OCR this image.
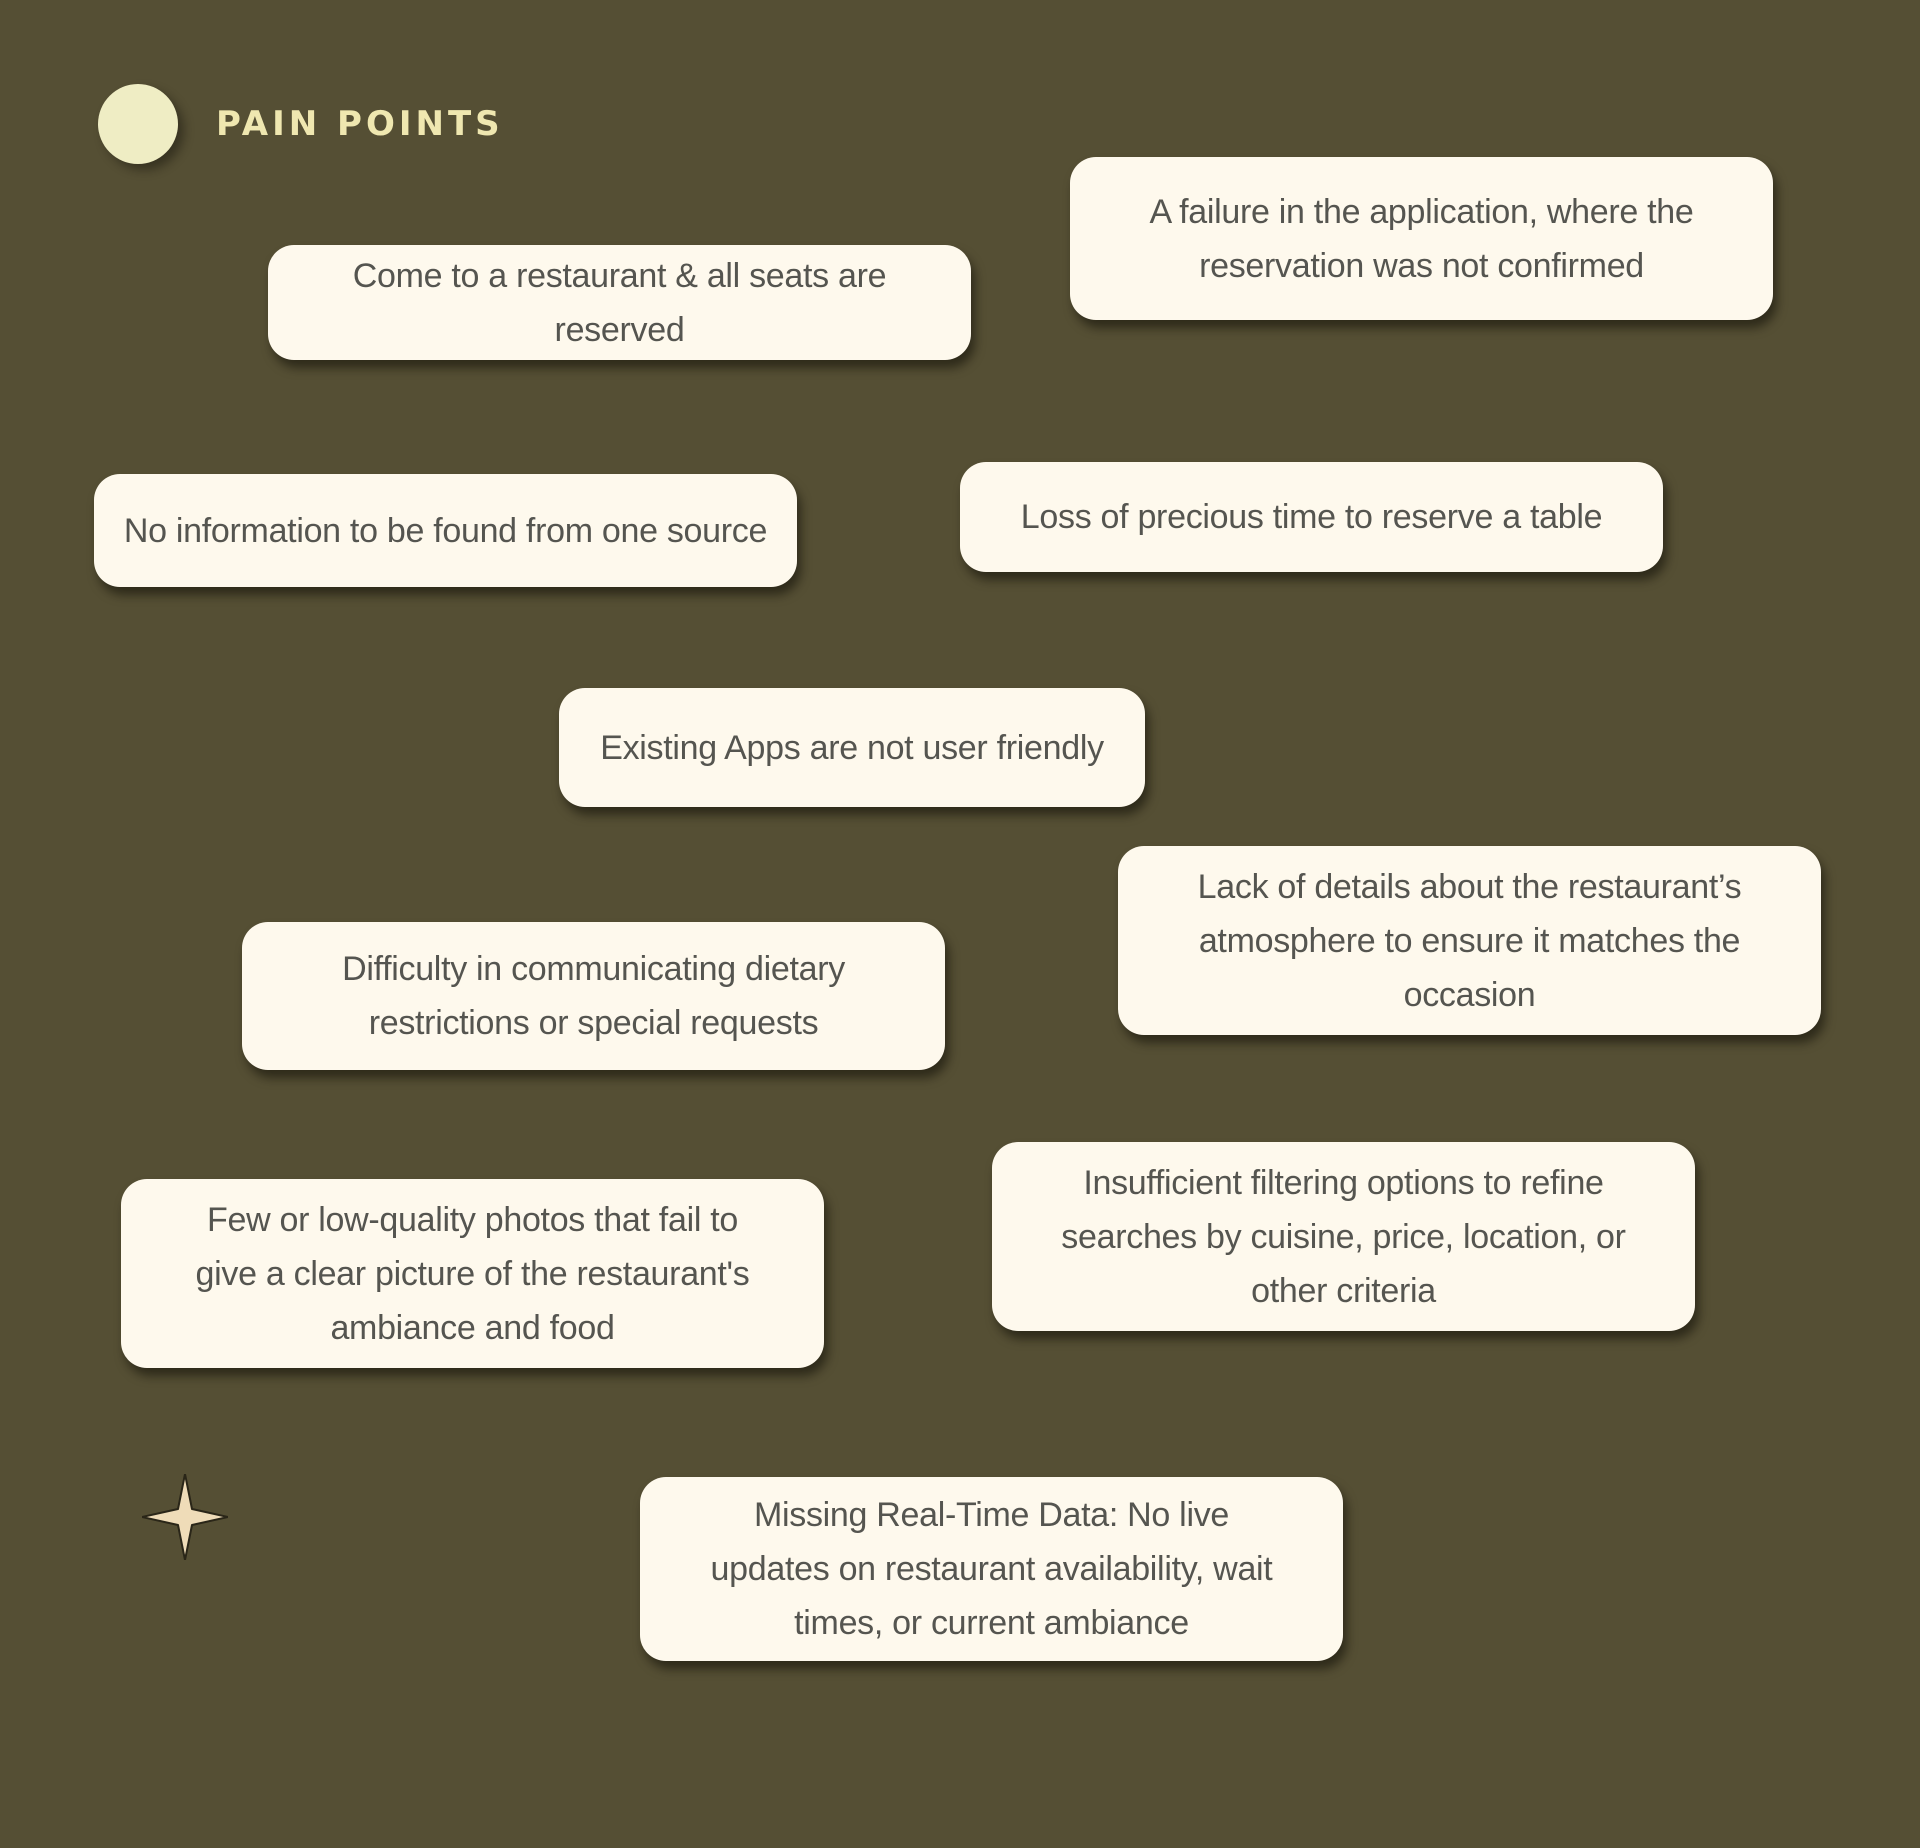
PAIN POINTS
A failure in the application, where the reservation was not confirmed
Come to a restaurant & all seats are reserved
No information to be found from one source	Loss of precious time to reserve a table
Existing Apps are not user friendly
Lack of details about the restaurant’s atmosphere to ensure it matches the occasion
Difficulty in communicating dietary restrictions or special requests
Insufficient filtering options to refine searches by cuisine, price, location, or other criteria
Few or low-quality photos that fail to give a clear picture of the restaurant's ambiance and food
Missing Real-Time Data: No live updates on restaurant availability, wait times, or current ambiance
